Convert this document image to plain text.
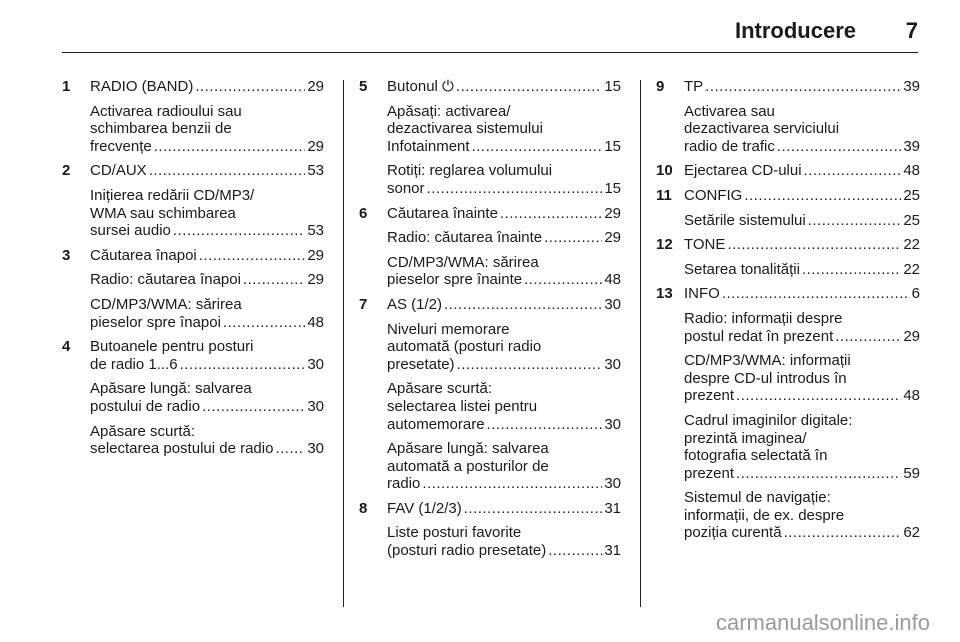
Introducere 7
1 RADIO (BAND) .....	29
Activarea radioului sau
schimbarea benzii de
frecvențe .....	29
2 CD/AUX .....	53
Inițierea redării CD/MP3/
WMA sau schimbarea
sursei audio .....	53
3 Căutarea înapoi .....	29
Radio: căutarea înapoi .....	29
CD/MP3/WMA: sărirea
pieselor spre înapoi .....	48
4 Butoanele pentru posturi
de radio 1...6 .....	30
Apăsare lungă: salvarea
postului de radio .....	30
Apăsare scurtă:
selectarea postului de radio ..... 30
5 Butonul ⏻ .....	15
Apăsați: activarea/
dezactivarea sistemului
Infotainment .....	15
Rotiți: reglarea volumului
sonor .....	15
6 Căutarea înainte .....	29
Radio: căutarea înainte .....	29
CD/MP3/WMA: sărirea
pieselor spre înainte .....	48
7 AS (1/2) .....	30
Niveluri memorare
automată (posturi radio
presetate) .....	30
Apăsare scurtă:
selectarea listei pentru
automemorare .....	30
Apăsare lungă: salvarea
automată a posturilor de
radio .....	30
8 FAV (1/2/3) .....	31
Liste posturi favorite
(posturi radio presetate) .....	31
9 TP .....	39
Activarea sau
dezactivarea serviciului
radio de trafic .....	39
10 Ejectarea CD-ului .....	48
11 CONFIG .....	25
Setările sistemului .....	25
12 TONE .....	22
Setarea tonalității .....	22
13 INFO .....	6
Radio: informații despre
postul redat în prezent .....	29
CD/MP3/WMA: informații
despre CD-ul introdus în
prezent .....	48
Cadrul imaginilor digitale:
prezintă imaginea/
fotografia selectată în
prezent .....	59
Sistemul de navigație:
informații, de ex. despre
poziția curentă .....	62
carmanualsonline.info
